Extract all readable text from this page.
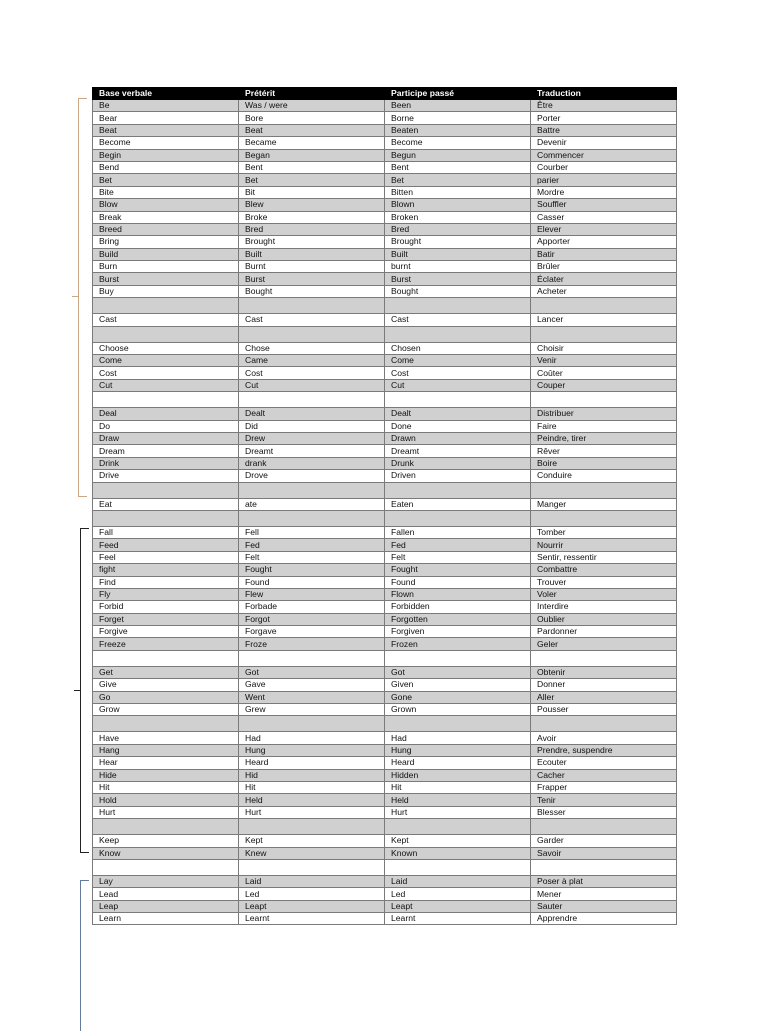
Base verbale	Prétérit	Participe passé	Traduction
Be	Was / were	Been	Être
Bear	Bore	Borne	Porter
Beat	Beat	Beaten	Battre
Become	Became	Become	Devenir
Begin	Began	Begun	Commencer
Bend	Bent	Bent	Courber
Bet	Bet	Bet	parier
Bite	Bit	Bitten	Mordre
Blow	Blew	Blown	Souffler
Break	Broke	Broken	Casser
Breed	Bred	Bred	Elever
Bring	Brought	Brought	Apporter
Build	Built	Built	Batir
Burn	Burnt	burnt	Brûler
Burst	Burst	Burst	Éclater
Buy	Bought	Bought	Acheter

Cast	Cast	Cast	Lancer

Choose	Chose	Chosen	Choisir
Come	Came	Come	Venir
Cost	Cost	Cost	Coûter
Cut	Cut	Cut	Couper

Deal	Dealt	Dealt	Distribuer
Do	Did	Done	Faire
Draw	Drew	Drawn	Peindre, tirer
Dream	Dreamt	Dreamt	Rêver
Drink	drank	Drunk	Boire
Drive	Drove	Driven	Conduire

Eat	ate	Eaten	Manger

Fall	Fell	Fallen	Tomber
Feed	Fed	Fed	Nourrir
Feel	Felt	Felt	Sentir, ressentir
fight	Fought	Fought	Combattre
Find	Found	Found	Trouver
Fly	Flew	Flown	Voler
Forbid	Forbade	Forbidden	Interdire
Forget	Forgot	Forgotten	Oublier
Forgive	Forgave	Forgiven	Pardonner
Freeze	Froze	Frozen	Geler

Get	Got	Got	Obtenir
Give	Gave	Given	Donner
Go	Went	Gone	Aller
Grow	Grew	Grown	Pousser

Have	Had	Had	Avoir
Hang	Hung	Hung	Prendre, suspendre
Hear	Heard	Heard	Ecouter
Hide	Hid	Hidden	Cacher
Hit	Hit	Hit	Frapper
Hold	Held	Held	Tenir
Hurt	Hurt	Hurt	Blesser

Keep	Kept	Kept	Garder
Know	Knew	Known	Savoir

Lay	Laid	Laid	Poser à plat
Lead	Led	Led	Mener
Leap	Leapt	Leapt	Sauter
Learn	Learnt	Learnt	Apprendre
